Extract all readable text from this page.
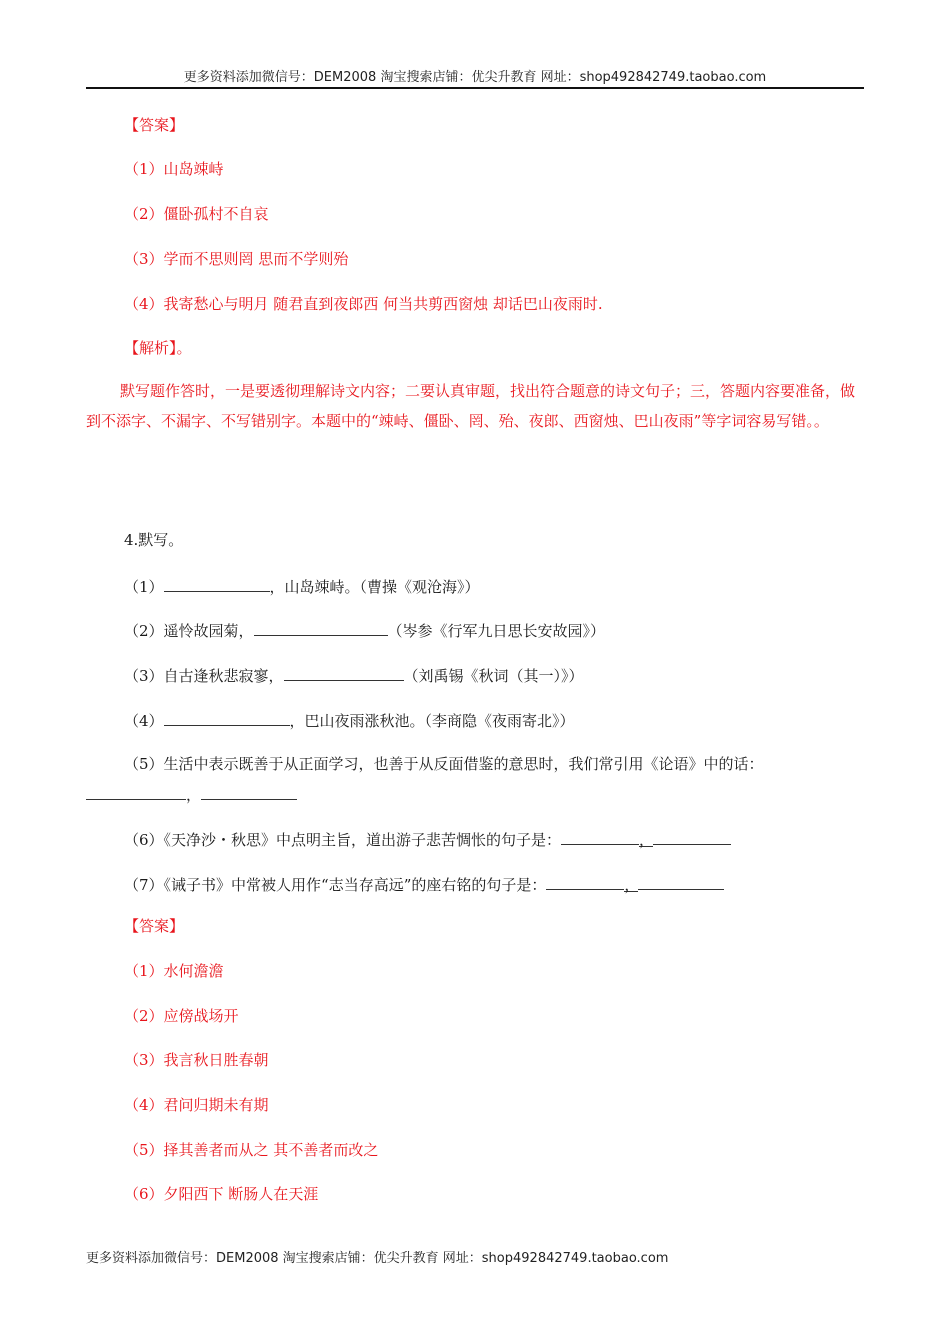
更多资料添加微信号：DEM2008 淘宝搜索店铺：优尖升教育 网址：shop492842749.taobao.com
【答案】
（1）山岛竦峙
（2）僵卧孤村不自哀
（3）学而不思则罔 思而不学则殆
（4）我寄愁心与明月 随君直到夜郎西 何当共剪西窗烛 却话巴山夜雨时.
【解析】。
默写题作答时，一是要透彻理解诗文内容；二要认真审题，找出符合题意的诗文句子；三，答题内容要准备，做到不添字、不漏字、不写错别字。本题中的“竦峙、僵卧、罔、殆、夜郎、西窗烛、巴山夜雨”等字词容易写错。。
4.默写。
（1）	，山岛竦峙。（曹操《观沧海》）
（2）遥怜故园菊，	（岑参《行军九日思长安故园》）
（3）自古逢秋悲寂寥，	（刘禹锡《秋词（其一）》）
（4）	，巴山夜雨涨秋池。（李商隐《夜雨寄北》）
（5）生活中表示既善于从正面学习，也善于从反面借鉴的意思时，我们常引用《论语》中的话：
，
（6）《天净沙・秋思》中点明主旨，道出游子悲苦惆怅的句子是：	，
（7）《诫子书》中常被人用作“志当存高远”的座右铭的句子是：	，
【答案】
（1）水何澹澹
（2）应傍战场开
（3）我言秋日胜春朝
（4）君问归期未有期
（5）择其善者而从之 其不善者而改之
（6）夕阳西下 断肠人在天涯
更多资料添加微信号：DEM2008 淘宝搜索店铺：优尖升教育 网址：shop492842749.taobao.com
